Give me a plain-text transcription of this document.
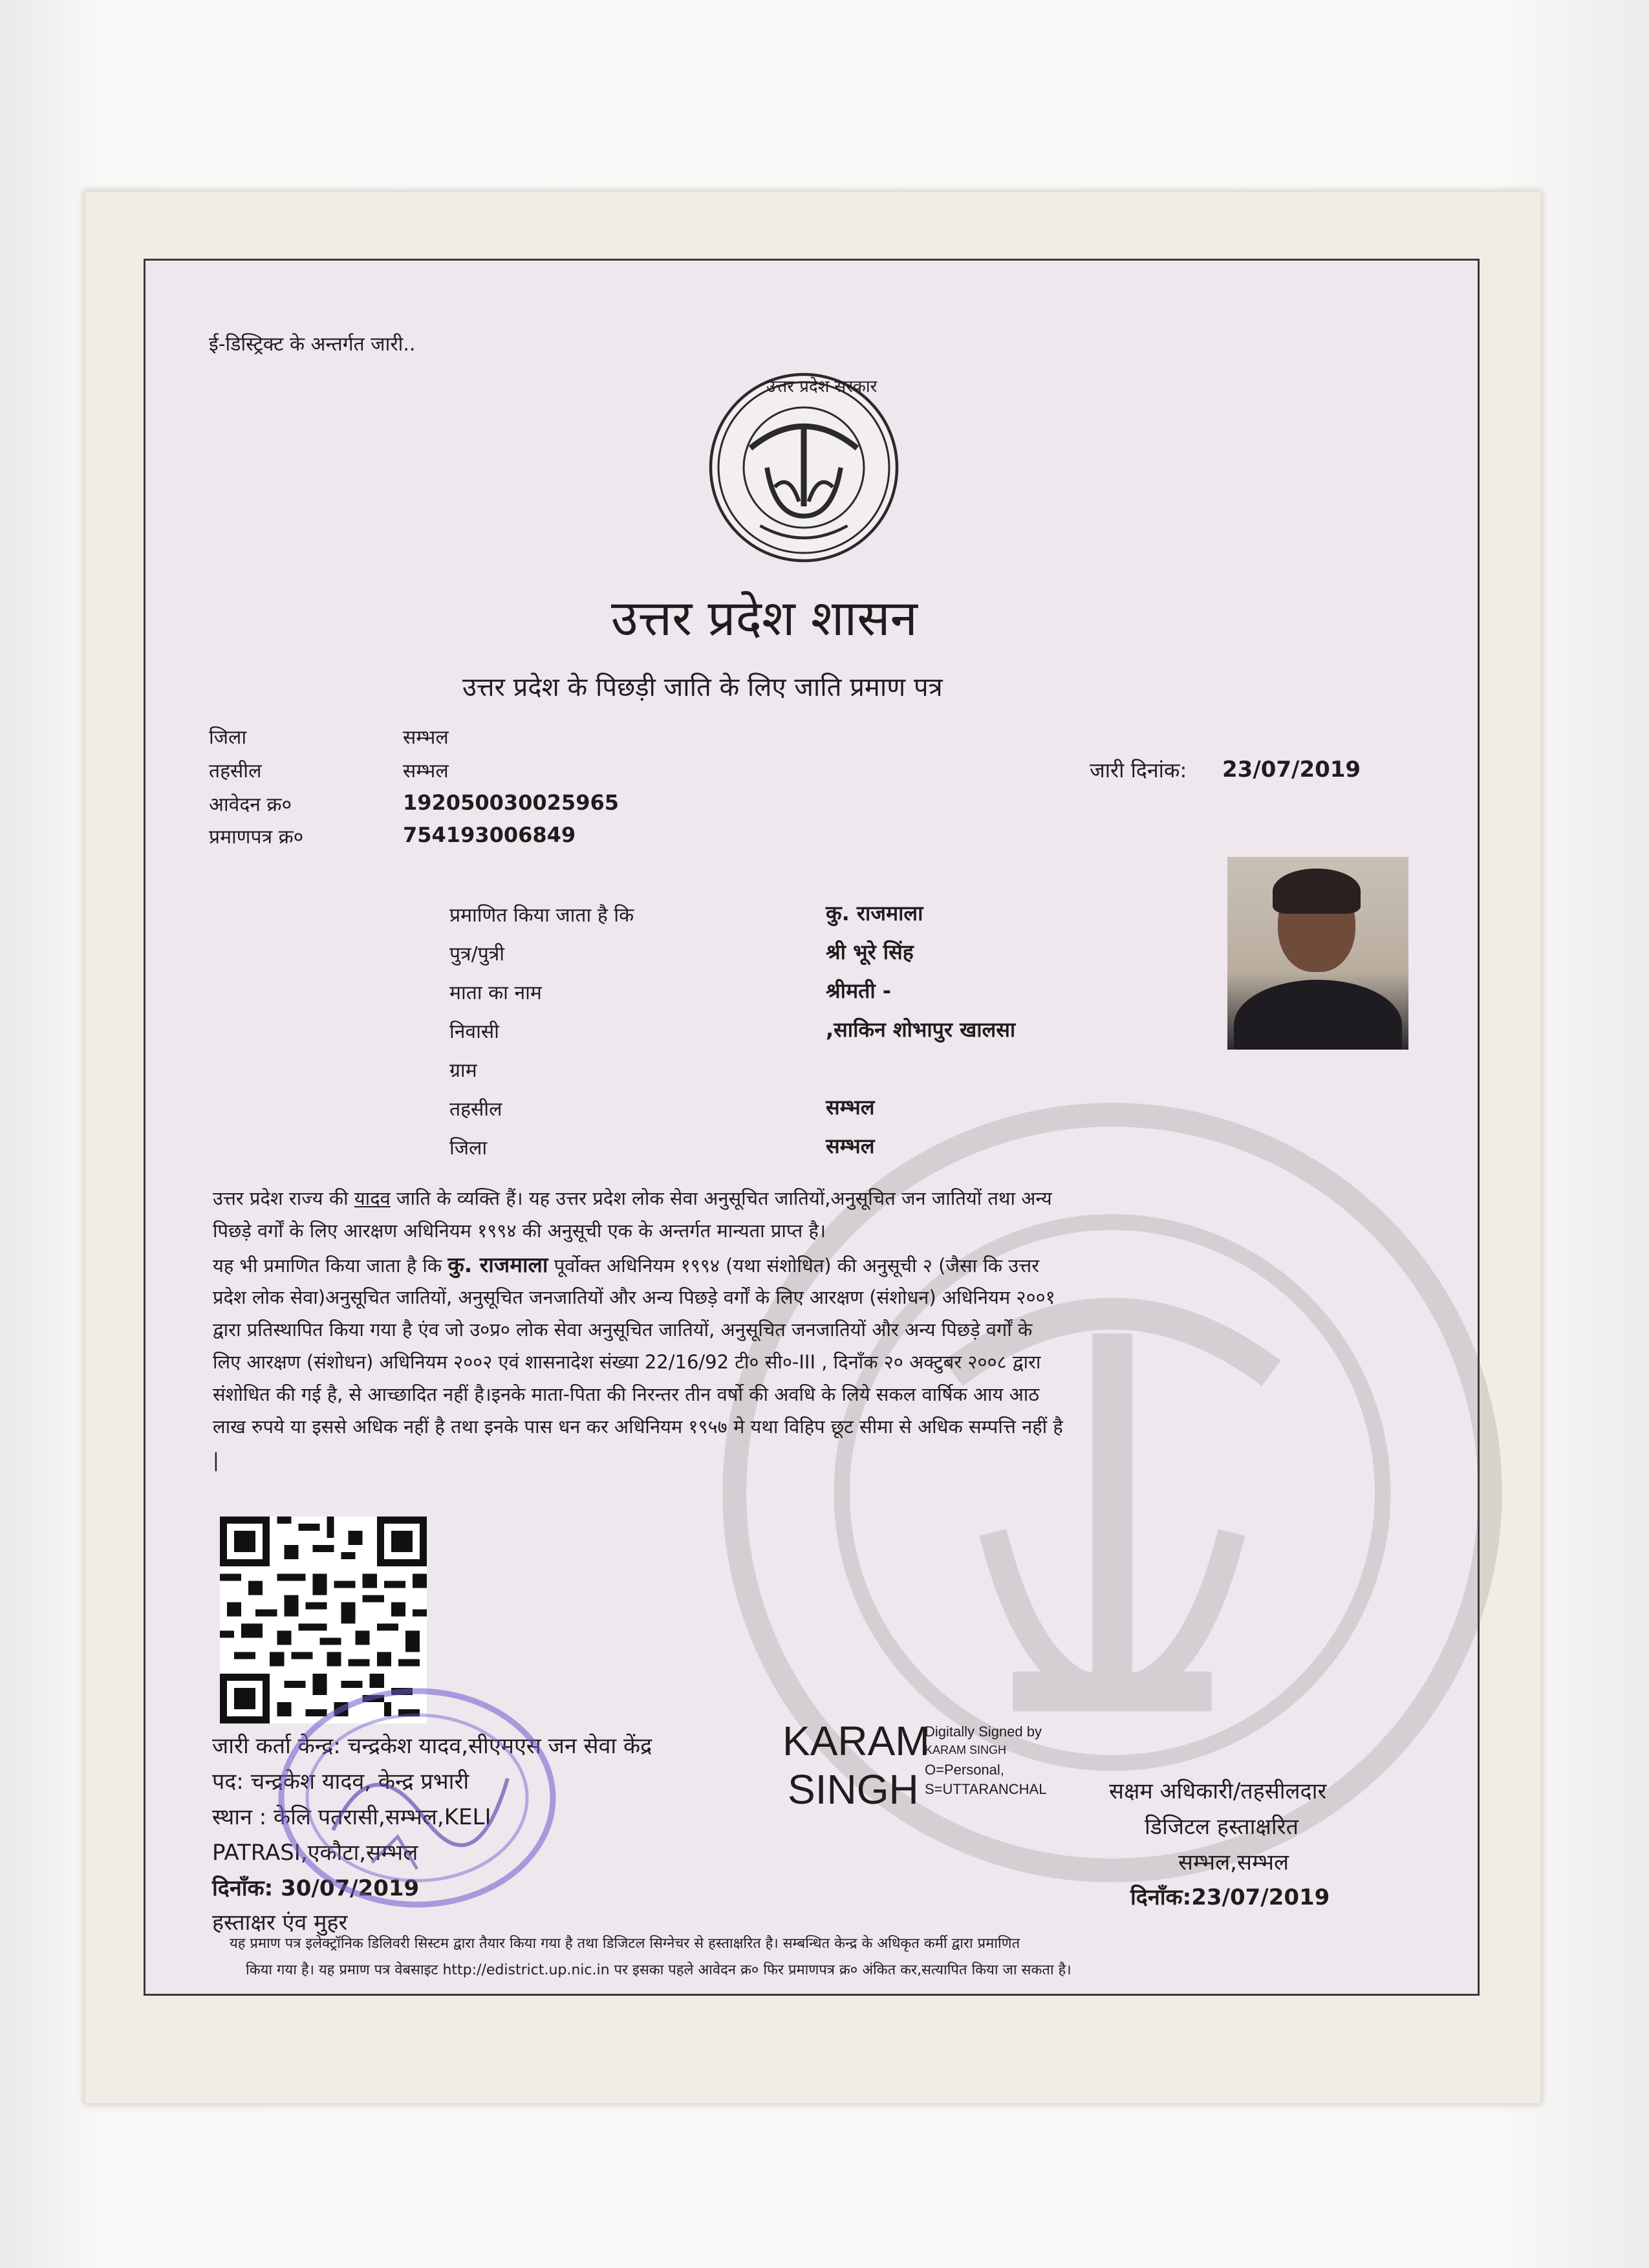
ई-डिस्ट्रिक्ट के अन्तर्गत जारी..
उत्तर प्रदेश सरकार
उत्तर प्रदेश शासन
उत्तर प्रदेश के पिछड़ी जाति के लिए जाति प्रमाण पत्र
जिला	सम्भल
तहसील	सम्भल
आवेदन क्र०	192050030025965
प्रमाणपत्र क्र०	754193006849
जारी दिनांक: 23/07/2019
प्रमाणित किया जाता है कि	कु. राजमाला
पुत्र/पुत्री	श्री भूरे सिंह
माता का नाम	श्रीमती -
निवासी	,साकिन शोभापुर खालसा
ग्राम
तहसील	सम्भल
जिला	सम्भल
उत्तर प्रदेश राज्य की यादव जाति के व्यक्ति हैं। यह उत्तर प्रदेश लोक सेवा अनुसूचित जातियों,अनुसूचित जन जातियों तथा अन्य
पिछड़े वर्गों के लिए आरक्षण अधिनियम १९९४ की अनुसूची एक के अन्तर्गत मान्यता प्राप्त है।
यह भी प्रमाणित किया जाता है कि कु. राजमाला पूर्वोक्त अधिनियम १९९४ (यथा संशोधित) की अनुसूची २ (जैसा कि उत्तर
प्रदेश लोक सेवा)अनुसूचित जातियों, अनुसूचित जनजातियों और अन्य पिछड़े वर्गों के लिए आरक्षण (संशोधन) अधिनियम २००१
द्वारा प्रतिस्थापित किया गया है एंव जो उ०प्र० लोक सेवा अनुसूचित जातियों, अनुसूचित जनजातियों और अन्य पिछड़े वर्गों के
लिए आरक्षण (संशोधन) अधिनियम २००२ एवं शासनादेश संख्या 22/16/92 टी० सी०-III , दिनाँक २० अक्टुबर २००८ द्वारा
संशोधित की गई है, से आच्छादित नहीं है।इनके माता-पिता की निरन्तर तीन वर्षो की अवधि के लिये सकल वार्षिक आय आठ
लाख रुपये या इससे अधिक नहीं है तथा इनके पास धन कर अधिनियम १९५७ मे यथा विहिप छूट सीमा से अधिक सम्पत्ति नहीं है
|
जारी कर्ता केन्द्र: चन्द्रकेश यादव,सीएमएस जन सेवा केंद्र
पद: चन्द्रकेश यादव, केन्द्र प्रभारी
स्थान : केलि पतरासी,सम्भल,KELI
PATRASI,एकौटा,सम्भल
दिनाँक: 30/07/2019
हस्ताक्षर एंव मुहर
KARAM
SINGH
Digitally Signed by
KARAM SINGH
O=Personal,
S=UTTARANCHAL	सक्षम अधिकारी/तहसीलदार
डिजिटल हस्ताक्षरित
सम्भल,सम्भल
दिनाँक:23/07/2019
यह प्रमाण पत्र इलेक्ट्रॉनिक डिलिवरी सिस्टम द्वारा तैयार किया गया है तथा डिजिटल सिग्नेचर से हस्ताक्षरित है। सम्बन्धित केन्द्र के अधिकृत कर्मी द्वारा प्रमाणित
किया गया है। यह प्रमाण पत्र वेबसाइट http://edistrict.up.nic.in पर इसका पहले आवेदन क्र० फिर प्रमाणपत्र क्र० अंकित कर,सत्यापित किया जा सकता है।
